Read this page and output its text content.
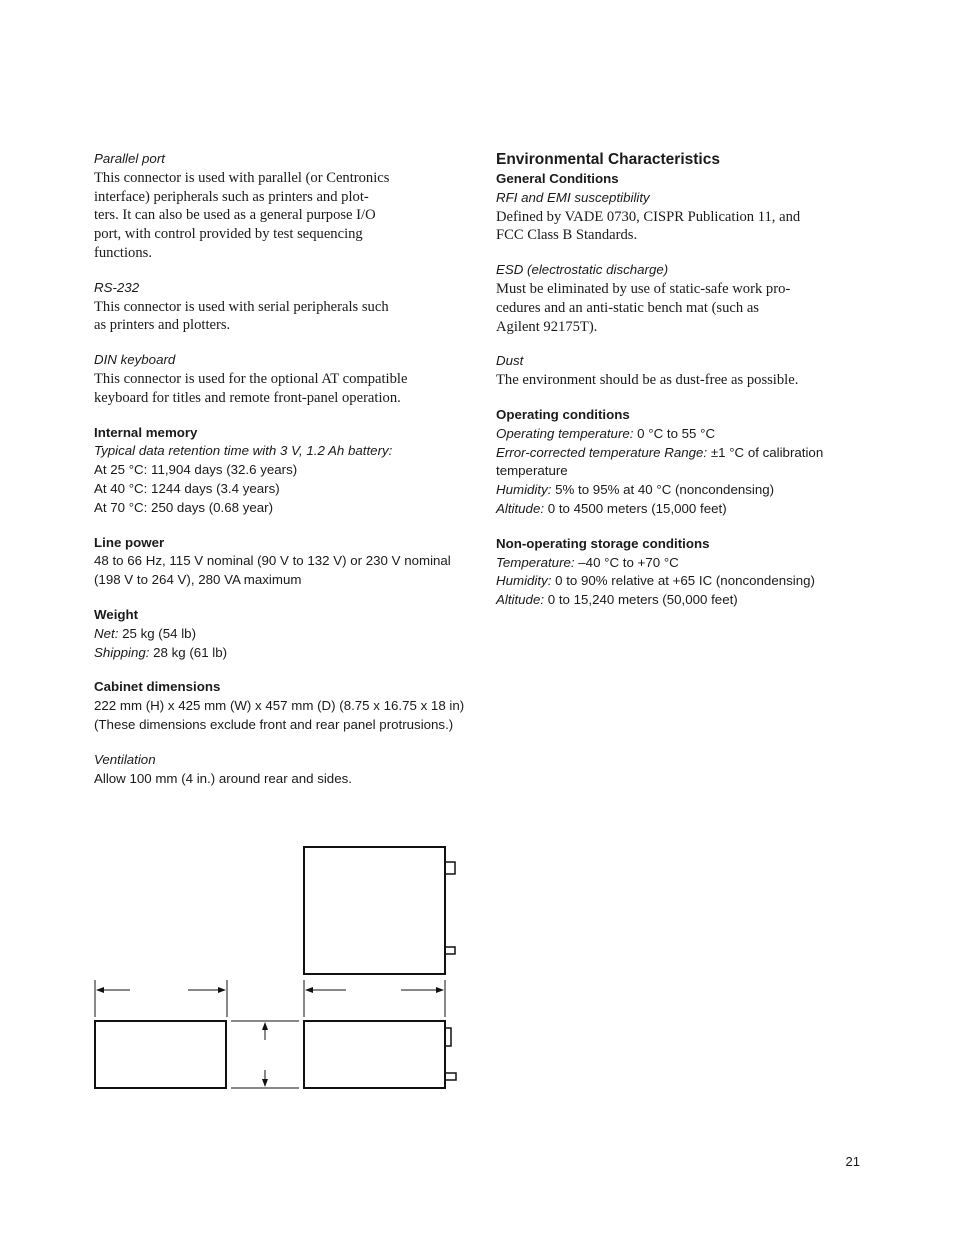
Parallel port
This connector is used with parallel (or Centronics
interface) peripherals such as printers and plot-
ters. It can also be used as a general purpose I/O
port, with control provided by test sequencing
functions.
RS-232
This connector is used with serial peripherals such
as printers and plotters.
DIN keyboard
This connector is used for the optional AT compatible
keyboard for titles and remote front-panel operation.
Internal memory
Typical data retention time with 3 V, 1.2 Ah battery:
At 25 °C: 11,904 days (32.6 years)
At 40 °C: 1244 days (3.4 years)
At 70 °C: 250 days (0.68 year)
Line power
48 to 66 Hz, 115 V nominal (90 V to 132 V) or 230 V nominal
(198 V to 264 V), 280 VA maximum
Weight
Net: 25 kg (54 lb)
Shipping: 28 kg (61 lb)
Cabinet dimensions
222 mm (H) x 425 mm (W) x 457 mm (D) (8.75 x 16.75 x 18 in)
(These dimensions exclude front and rear panel protrusions.)
Ventilation
Allow 100 mm (4 in.) around rear and sides.
Environmental Characteristics
General Conditions
RFI and EMI susceptibility
Defined by VADE 0730, CISPR Publication 11, and
FCC Class B Standards.
ESD (electrostatic discharge)
Must be eliminated by use of static-safe work pro-
cedures and an anti-static bench mat (such as
Agilent 92175T).
Dust
The environment should be as dust-free as possible.
Operating conditions
Operating temperature: 0 °C to 55 °C
Error-corrected temperature Range: ±1 °C of calibration
temperature
Humidity: 5% to 95% at 40 °C (noncondensing)
Altitude: 0 to 4500 meters (15,000 feet)
Non-operating storage conditions
Temperature: –40 °C to +70 °C
Humidity: 0 to 90% relative at +65 IC (noncondensing)
Altitude: 0 to 15,240 meters (50,000 feet)
21
